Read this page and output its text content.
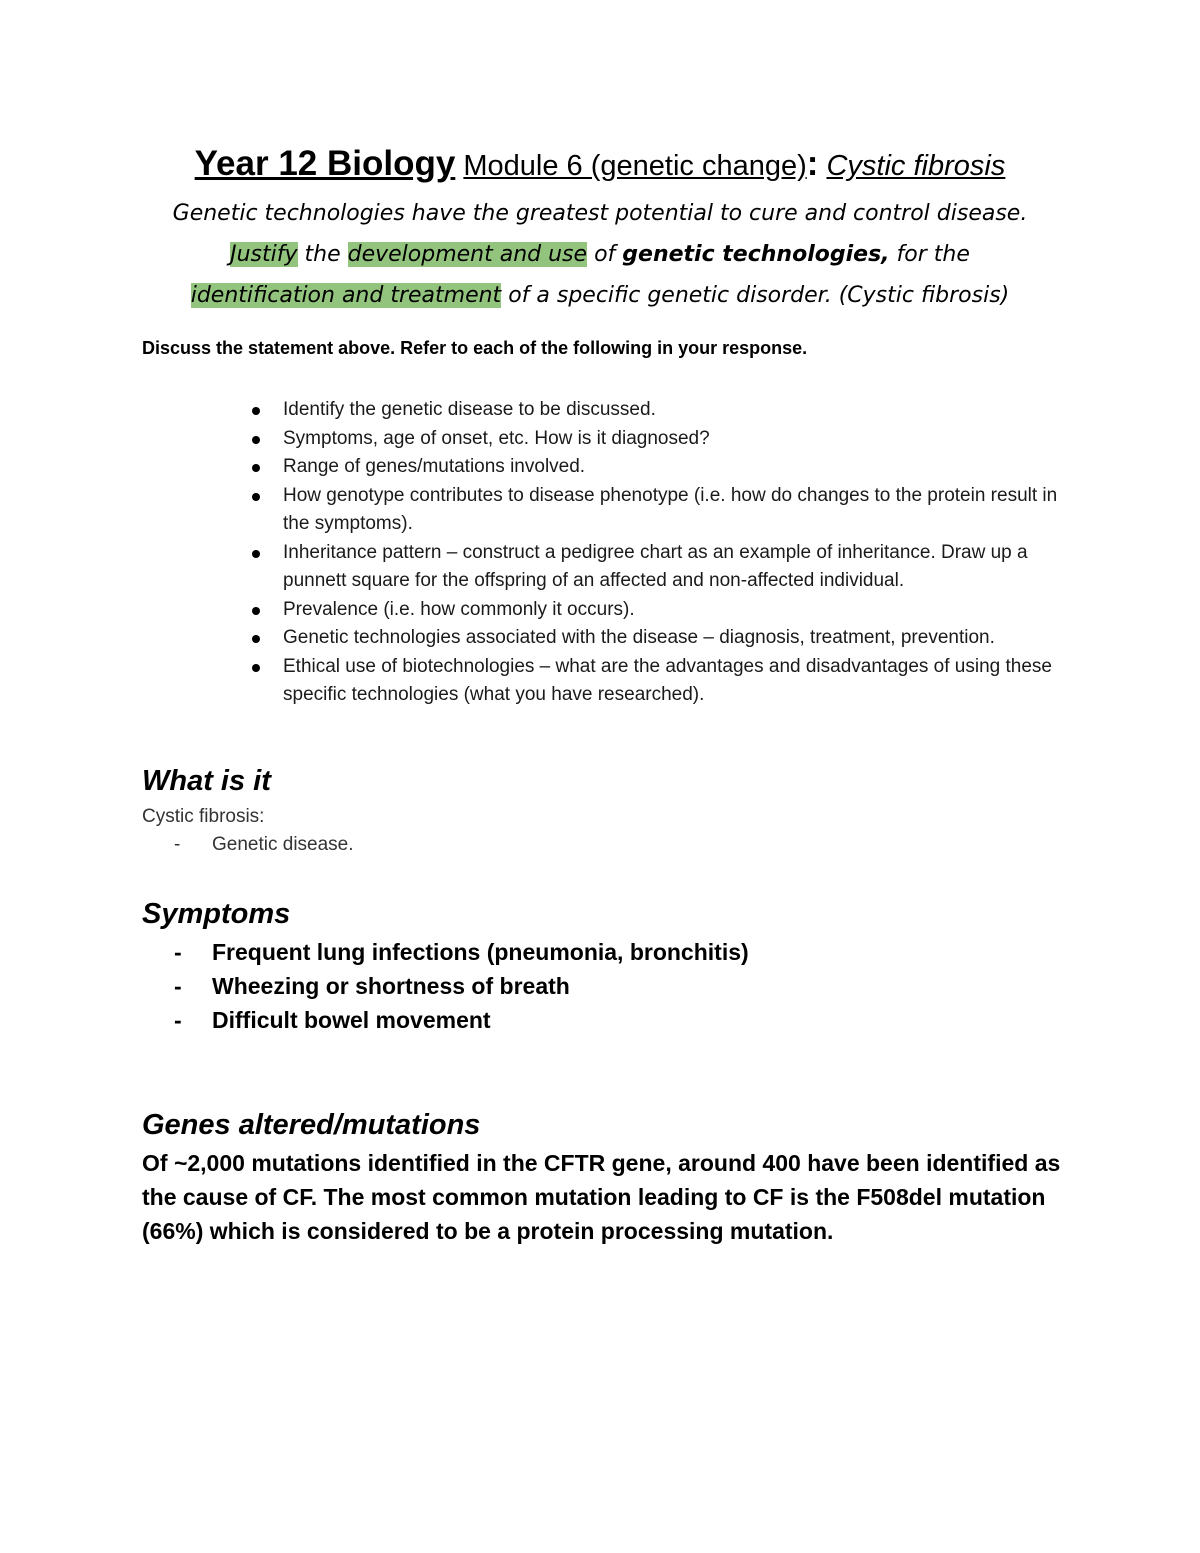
Year 12 Biology Module 6 (genetic change): Cystic fibrosis
Genetic technologies have the greatest potential to cure and control disease.
Justify the development and use of genetic technologies, for the
identification and treatment of a specific genetic disorder. (Cystic fibrosis)
Discuss the statement above. Refer to each of the following in your response.
Identify the genetic disease to be discussed.
Symptoms, age of onset, etc. How is it diagnosed?
Range of genes/mutations involved.
How genotype contributes to disease phenotype (i.e. how do changes to the protein result in the symptoms).
Inheritance pattern – construct a pedigree chart as an example of inheritance. Draw up a punnett square for the offspring of an affected and non-affected individual.
Prevalence (i.e. how commonly it occurs).
Genetic technologies associated with the disease – diagnosis, treatment, prevention.
Ethical use of biotechnologies – what are the advantages and disadvantages of using these specific technologies (what you have researched).
What is it
Cystic fibrosis:
- Genetic disease.
Symptoms
- Frequent lung infections (pneumonia, bronchitis)
- Wheezing or shortness of breath
- Difficult bowel movement
Genes altered/mutations
Of ~2,000 mutations identified in the CFTR gene, around 400 have been identified as the cause of CF. The most common mutation leading to CF is the F508del mutation (66%) which is considered to be a protein processing mutation.
